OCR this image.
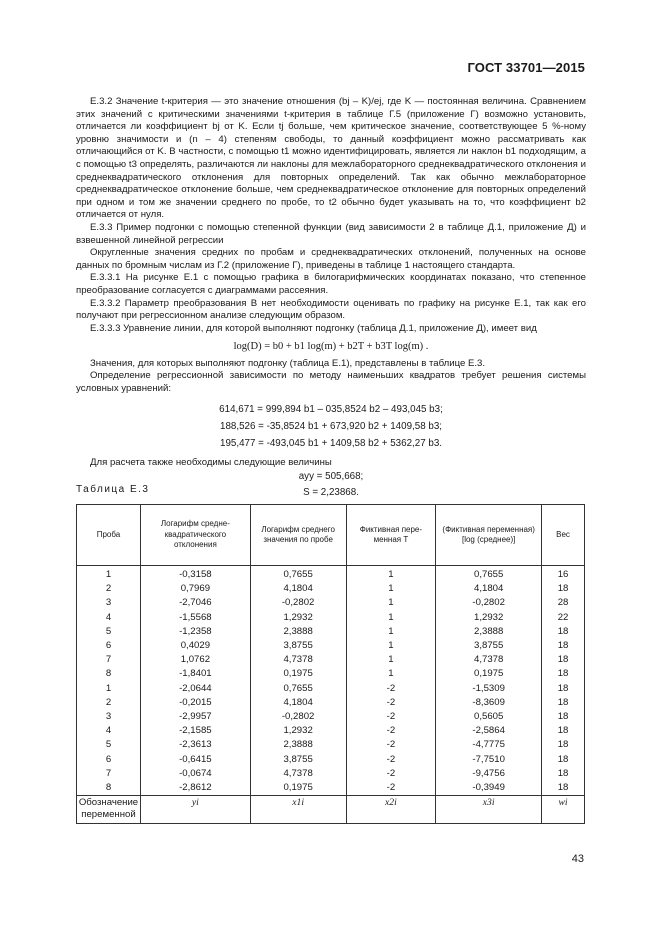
ГОСТ 33701—2015

Е.3.2 Значение t-критерия — это значение отношения (bj – K)/ej, где K — постоянная величина. Сравнением этих значений с критическими значениями t-критерия в таблице Г.5 (приложение Г) возможно установить, отличается ли коэффициент bj от K. Если tj больше, чем критическое значение, соответствующее 5 %-ному уровню значимости и (n – 4) степеням свободы, то данный коэффициент можно рассматривать как отличающийся от K. В частности, с помощью t1 можно идентифицировать, является ли наклон b1 подходящим, а с помощью t3 определять, различаются ли наклоны для межлабораторного среднеквадратического отклонения и среднеквадратического отклонения для повторных определений. Так как обычно межлабораторное среднеквадратическое отклонение больше, чем среднеквадратическое отклонение для повторных определений при одном и том же значении среднего по пробе, то t2 обычно будет указывать на то, что коэффициент b2 отличается от нуля.

Е.3.3 Пример подгонки с помощью степенной функции (вид зависимости 2 в таблице Д.1, приложение Д) и взвешенной линейной регрессии

Округленные значения средних по пробам и среднеквадратических отклонений, полученных на основе данных по бромным числам из Г.2 (приложение Г), приведены в таблице 1 настоящего стандарта.

Е.3.3.1 На рисунке Е.1 с помощью графика в билогарифмических координатах показано, что степенное преобразование согласуется с диаграммами рассеяния.

Е.3.3.2 Параметр преобразования B нет необходимости оценивать по графику на рисунке Е.1, так как его получают при регрессионном анализе следующим образом.

Е.3.3.3 Уравнение линии, для которой выполняют подгонку (таблица Д.1, приложение Д), имеет вид

log(D) = b0 + b1 log(m) + b2T + b3T log(m) .

Значения, для которых выполняют подгонку (таблица Е.1), представлены в таблице Е.3.

Определение регрессионной зависимости по методу наименьших квадратов требует решения системы условных уравнений:

614,671 = 999,894 b1 – 035,8524 b2 – 493,045 b3;

188,526 = -35,8524 b1 + 673,920 b2 + 1409,58 b3;

195,477 = -493,045 b1 + 1409,58 b2 + 5362,27 b3.

Для расчета также необходимы следующие величины

ayy = 505,668;

S = 2,23868.

Таблица Е.3
Проба	Логарифм средне-квадратического отклонения	Логарифм среднего значения по пробе	Фиктивная пере-менная T	(Фиктивная переменная) [log (среднее)]	Вес
1	-0,3158	0,7655	1	0,7655	16
2	0,7969	4,1804	1	4,1804	18
3	-2,7046	-0,2802	1	-0,2802	28
4	-1,5568	1,2932	1	1,2932	22
5	-1,2358	2,3888	1	2,3888	18
6	0,4029	3,8755	1	3,8755	18
7	1,0762	4,7378	1	4,7378	18
8	-1,8401	0,1975	1	0,1975	18
1	-2,0644	0,7655	-2	-1,5309	18
2	-0,2015	4,1804	-2	-8,3609	18
3	-2,9957	-0,2802	-2	0,5605	18
4	-2,1585	1,2932	-2	-2,5864	18
5	-2,3613	2,3888	-2	-4,7775	18
6	-0,6415	3,8755	-2	-7,7510	18
7	-0,0674	4,7378	-2	-9,4756	18
8	-2,8612	0,1975	-2	-0,3949	18
Обозначение переменной	yi	x1i	x2i	x3i	wi
43
